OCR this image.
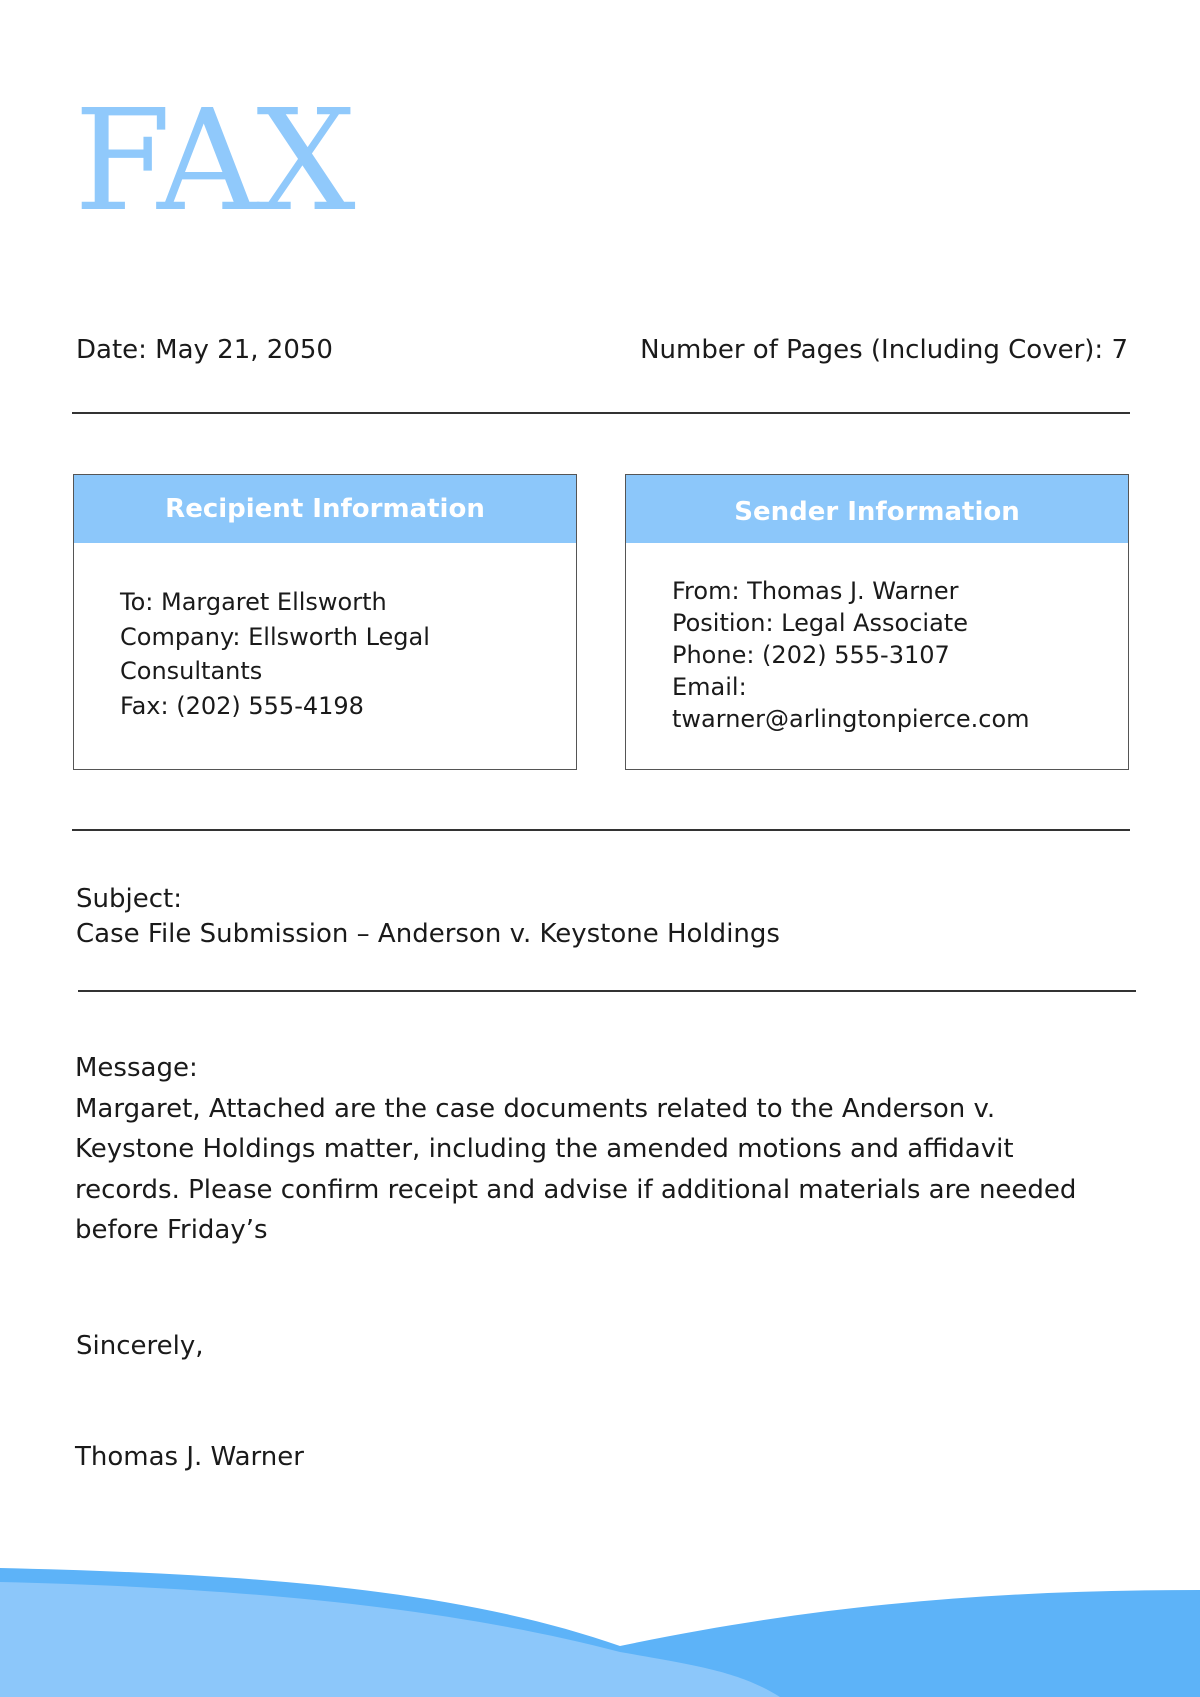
FAX
Date: May 21, 2050	Number of Pages (Including Cover): 7
Recipient Information
To: Margaret Ellsworth
Company: Ellsworth Legal
Consultants
Fax: (202) 555-4198
Sender Information
From: Thomas J. Warner
Position: Legal Associate
Phone: (202) 555-3107
Email:
twarner@arlingtonpierce.com
Subject:
Case File Submission – Anderson v. Keystone Holdings
Message:
Margaret, Attached are the case documents related to the Anderson v.
Keystone Holdings matter, including the amended motions and affidavit
records. Please confirm receipt and advise if additional materials are needed
before Friday’s
Sincerely,
Thomas J. Warner
